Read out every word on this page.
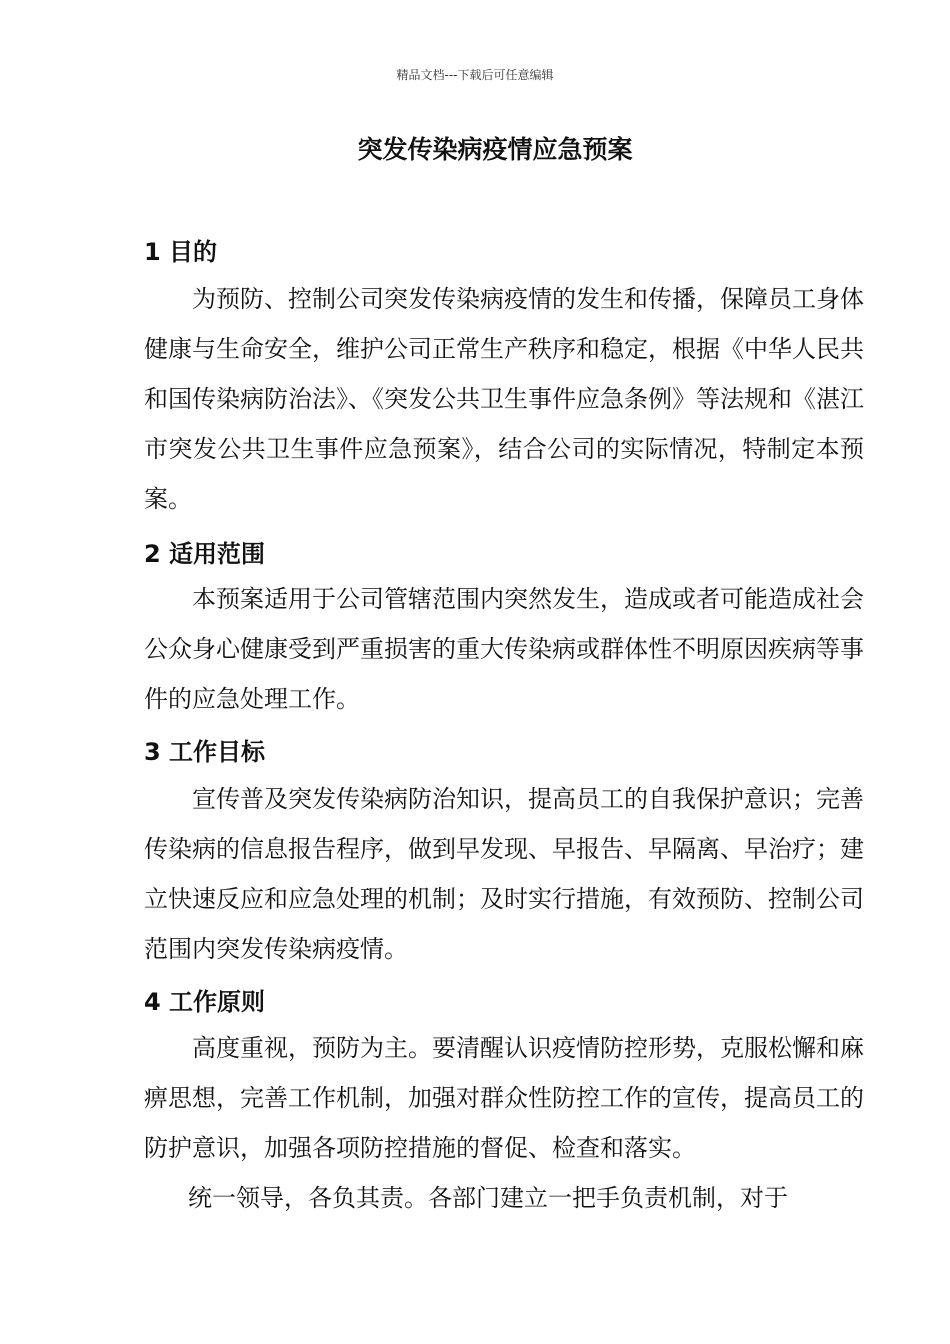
精品文档---下载后可任意编辑
突发传染病疫情应急预案
1 目的
为预防、控制公司突发传染病疫情的发生和传播，保障员工身体健康与生命安全，维护公司正常生产秩序和稳定，根据《中华人民共和国传染病防治法》、《突发公共卫生事件应急条例》等法规和《湛江市突发公共卫生事件应急预案》，结合公司的实际情况，特制定本预案。
2 适用范围
本预案适用于公司管辖范围内突然发生，造成或者可能造成社会公众身心健康受到严重损害的重大传染病或群体性不明原因疾病等事件的应急处理工作。
3 工作目标
宣传普及突发传染病防治知识，提高员工的自我保护意识；完善传染病的信息报告程序，做到早发现、早报告、早隔离、早治疗；建立快速反应和应急处理的机制；及时实行措施，有效预防、控制公司范围内突发传染病疫情。
4 工作原则
高度重视，预防为主。要清醒认识疫情防控形势，克服松懈和麻痹思想，完善工作机制，加强对群众性防控工作的宣传，提高员工的防护意识，加强各项防控措施的督促、检查和落实。
统一领导，各负其责。各部门建立一把手负责机制，对于
